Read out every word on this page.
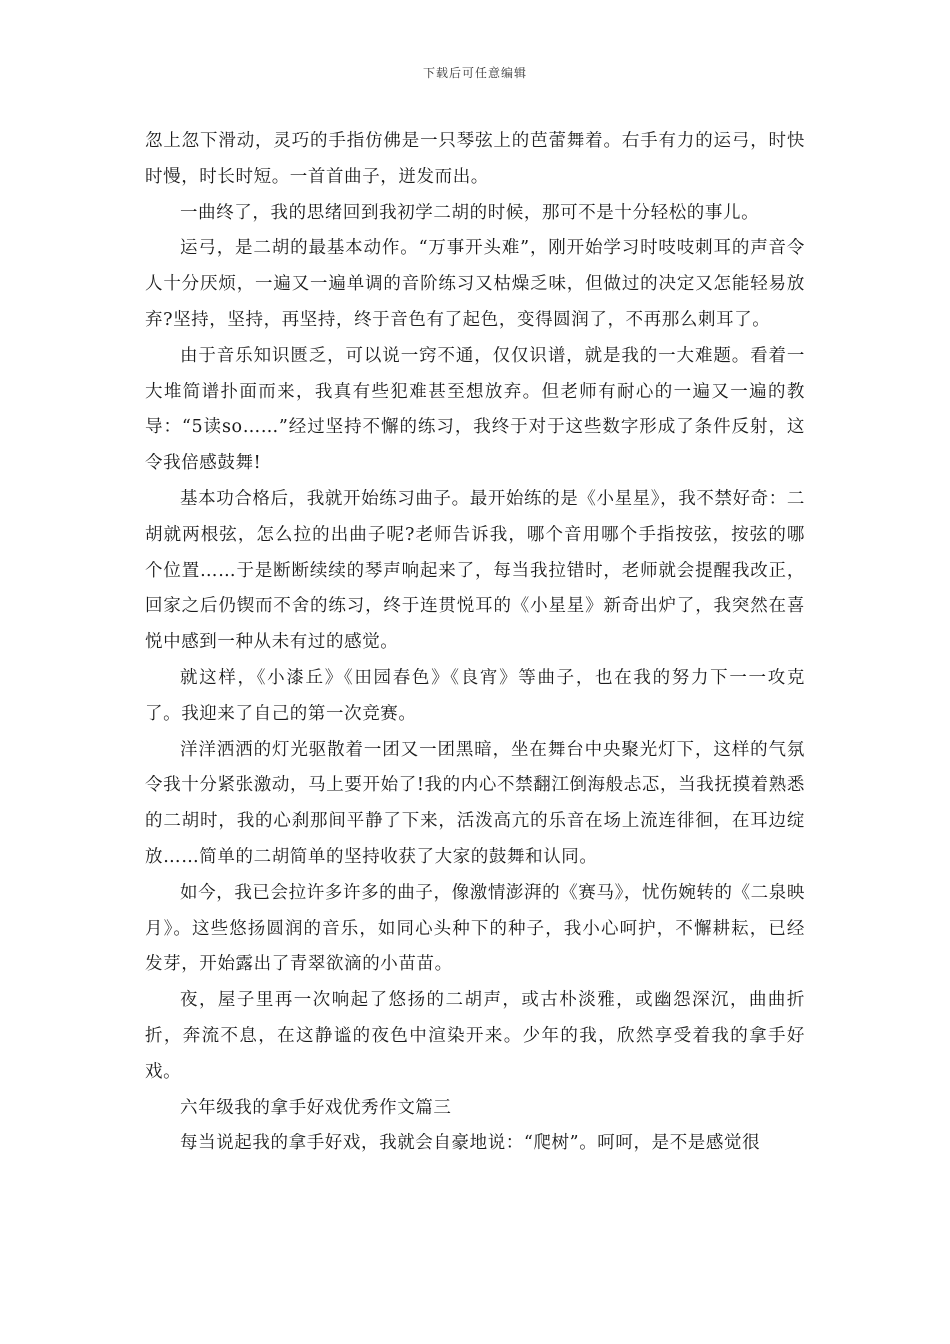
下载后可任意编辑

忽上忽下滑动，灵巧的手指仿佛是一只琴弦上的芭蕾舞着。右手有力的运弓，时快时慢，时长时短。一首首曲子，迸发而出。

一曲终了，我的思绪回到我初学二胡的时候，那可不是十分轻松的事儿。

运弓，是二胡的最基本动作。“万事开头难”，刚开始学习时吱吱刺耳的声音令人十分厌烦，一遍又一遍单调的音阶练习又枯燥乏味，但做过的决定又怎能轻易放弃?坚持，坚持，再坚持，终于音色有了起色，变得圆润了，不再那么刺耳了。

由于音乐知识匮乏，可以说一窍不通，仅仅识谱，就是我的一大难题。看着一大堆简谱扑面而来，我真有些犯难甚至想放弃。但老师有耐心的一遍又一遍的教导：“5读so……”经过坚持不懈的练习，我终于对于这些数字形成了条件反射，这令我倍感鼓舞!

基本功合格后，我就开始练习曲子。最开始练的是《小星星》，我不禁好奇：二胡就两根弦，怎么拉的出曲子呢?老师告诉我，哪个音用哪个手指按弦，按弦的哪个位置……于是断断续续的琴声响起来了，每当我拉错时，老师就会提醒我改正，回家之后仍锲而不舍的练习，终于连贯悦耳的《小星星》新奇出炉了，我突然在喜悦中感到一种从未有过的感觉。

就这样，《小漆丘》《田园春色》《良宵》等曲子，也在我的努力下一一攻克了。我迎来了自己的第一次竞赛。

洋洋洒洒的灯光驱散着一团又一团黑暗，坐在舞台中央聚光灯下，这样的气氛令我十分紧张激动，马上要开始了!我的内心不禁翻江倒海般忐忑，当我抚摸着熟悉的二胡时，我的心刹那间平静了下来，活泼高亢的乐音在场上流连徘徊，在耳边绽放……简单的二胡简单的坚持收获了大家的鼓舞和认同。

如今，我已会拉许多许多的曲子，像激情澎湃的《赛马》，忧伤婉转的《二泉映月》。这些悠扬圆润的音乐，如同心头种下的种子，我小心呵护，不懈耕耘，已经发芽，开始露出了青翠欲滴的小苗苗。

夜，屋子里再一次响起了悠扬的二胡声，或古朴淡雅，或幽怨深沉，曲曲折折，奔流不息，在这静谧的夜色中渲染开来。少年的我，欣然享受着我的拿手好戏。

六年级我的拿手好戏优秀作文篇三

每当说起我的拿手好戏，我就会自豪地说：“爬树”。呵呵，是不是感觉很
